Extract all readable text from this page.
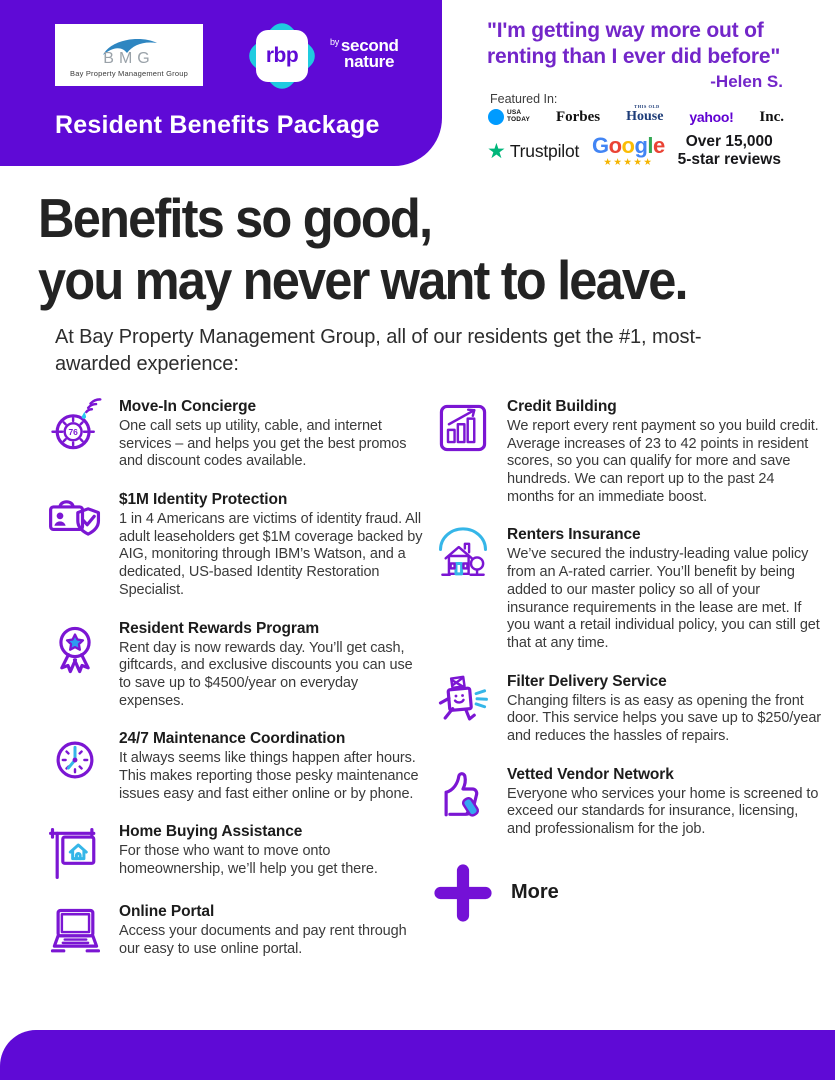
BMG
Bay Property Management Group
rbp
$^{by}$ second
nature
Resident Benefits Package
"I'm getting way more out of
renting than I ever did before"
-Helen S.
Featured In:
USA
TODAY Forbes
THIS OLD
House yahoo! Inc.
★ Trustpilot Google
★★★★★
Over 15,000
5-star reviews
Benefits so good,
you may never want to leave.
At Bay Property Management Group, all of our residents get the #1, most-awarded experience:
76
Move-In Concierge
One call sets up utility, cable, and internet services – and helps you get the best promos and discount codes available.
$1M Identity Protection
1 in 4 Americans are victims of identity fraud. All adult leaseholders get $1M coverage backed by AIG, monitoring through IBM’s Watson, and a dedicated, US-based Identity Restoration Specialist.
Resident Rewards Program
Rent day is now rewards day. You’ll get cash, giftcards, and exclusive discounts you can use to save up to $4500/year on everyday expenses.
24/7 Maintenance Coordination
It always seems like things happen after hours. This makes reporting those pesky maintenance issues easy and fast either online or by phone.
Home Buying Assistance
For those who want to move onto homeownership, we’ll help you get there.
Online Portal
Access your documents and pay rent through our easy to use online portal.
Credit Building
We report every rent payment so you build credit. Average increases of 23 to 42 points in resident scores, so you can qualify for more and save hundreds. We can report up to the past 24 months for an immediate boost.
Renters Insurance
We’ve secured the industry-leading value policy from an A-rated carrier. You’ll benefit by being added to our master policy so all of your insurance requirements in the lease are met. If you want a retail individual policy, you can still get that at any time.
Filter Delivery Service
Changing filters is as easy as opening the front door. This service helps you save up to $250/year and reduces the hassles of repairs.
Vetted Vendor Network
Everyone who services your home is screened to exceed our standards for insurance, licensing, and professionalism for the job.
More
